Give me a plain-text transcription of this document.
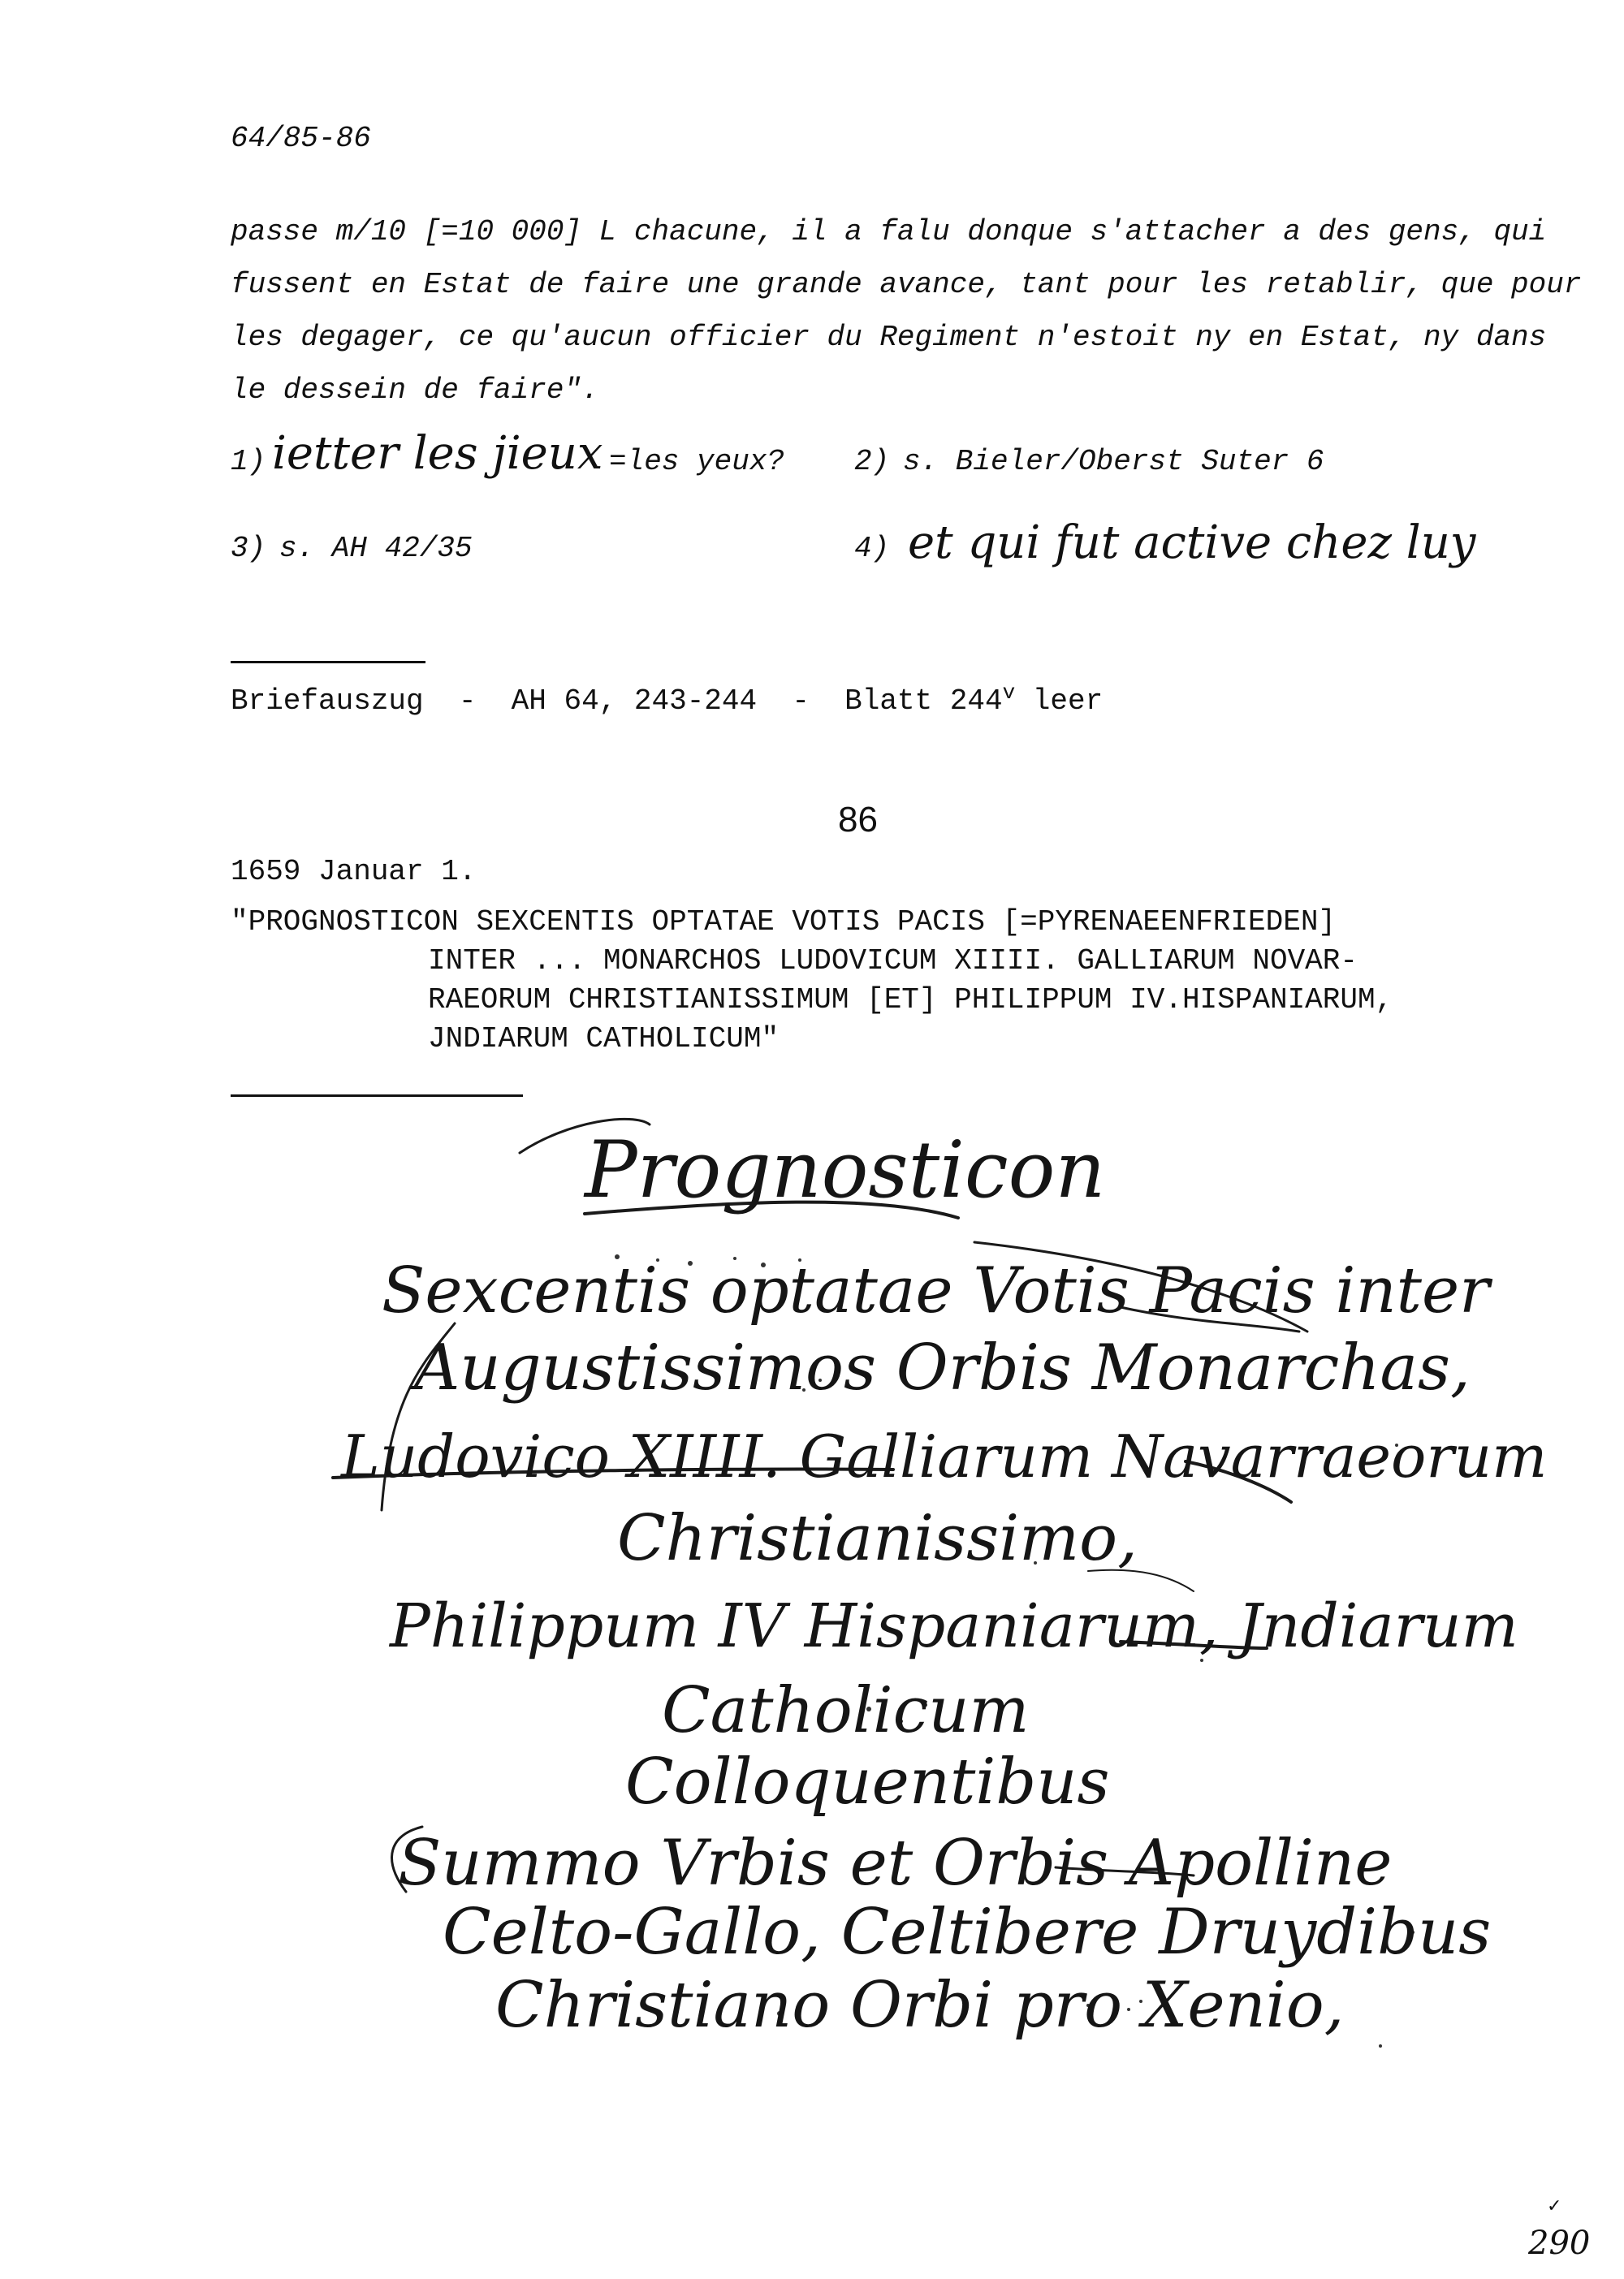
64/85-86
passe m/10 [=10 000] L chacune, il a falu donque s'attacher a des gens, qui
fussent en Estat de faire une grande avance, tant pour les retablir, que pour
les degager, ce qu'aucun officier du Regiment n'estoit ny en Estat, ny dans
le dessein de faire".
1) ietter les jieux =les yeux? 2) s. Bieler/Oberst Suter 6
3) s. AH 42/35	4) et qui fut active chez luy
Briefauszug  -  AH 64, 243-244  -  Blatt 244$^v$ leer
86
1659 Januar 1.
"PROGNOSTICON SEXCENTIS OPTATAE VOTIS PACIS [=PYRENAEENFRIEDEN]
INTER ... MONARCHOS LUDOVICUM XIIII. GALLIARUM NOVAR-
RAEORUM CHRISTIANISSIMUM [ET] PHILIPPUM IV.HISPANIARUM,
JNDIARUM CATHOLICUM"
Prognosticon
Sexcentis optatae Votis Pacis inter
Augustissimos Orbis Monarchas,
Ludovico XIIII. Galliarum Navarraeorum
Christianissimo,
Philippum IV Hispaniarum, Jndiarum
Catholicum
Colloquentibus
Summo Vrbis et Orbis Apolline
Celto-Gallo, Celtibere Druydibus
Christiano Orbi pro Xenio,
290
✓
